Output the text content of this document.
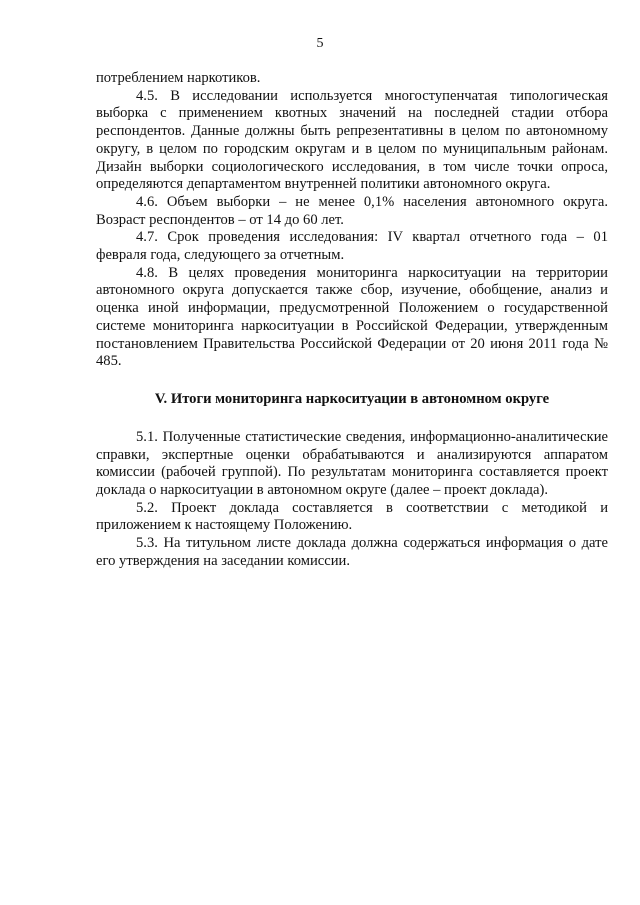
5

потреблением наркотиков.

4.5. В исследовании используется многоступенчатая типологическая выборка с применением квотных значений на последней стадии отбора респондентов. Данные должны быть репрезентативны в целом по автономному округу, в целом по городским округам и в целом по муниципальным районам. Дизайн выборки социологического исследования, в том числе точки опроса, определяются департаментом внутренней политики автономного округа.

4.6. Объем выборки – не менее 0,1% населения автономного округа. Возраст респондентов – от 14 до 60 лет.

4.7. Срок проведения исследования: IV квартал отчетного года – 01 февраля года, следующего за отчетным.

4.8. В целях проведения мониторинга наркоситуации на территории автономного округа допускается также сбор, изучение, обобщение, анализ и оценка иной информации, предусмотренной Положением о государственной системе мониторинга наркоситуации в Российской Федерации, утвержденным постановлением Правительства Российской Федерации от 20 июня 2011 года № 485.

V. Итоги мониторинга наркоситуации в автономном округе

5.1. Полученные статистические сведения, информационно-аналитические справки, экспертные оценки обрабатываются и анализируются аппаратом комиссии (рабочей группой). По результатам мониторинга составляется проект доклада о наркоситуации в автономном округе (далее – проект доклада).

5.2. Проект доклада составляется в соответствии с методикой и приложением к настоящему Положению.

5.3. На титульном листе доклада должна содержаться информация о дате его утверждения на заседании комиссии.
